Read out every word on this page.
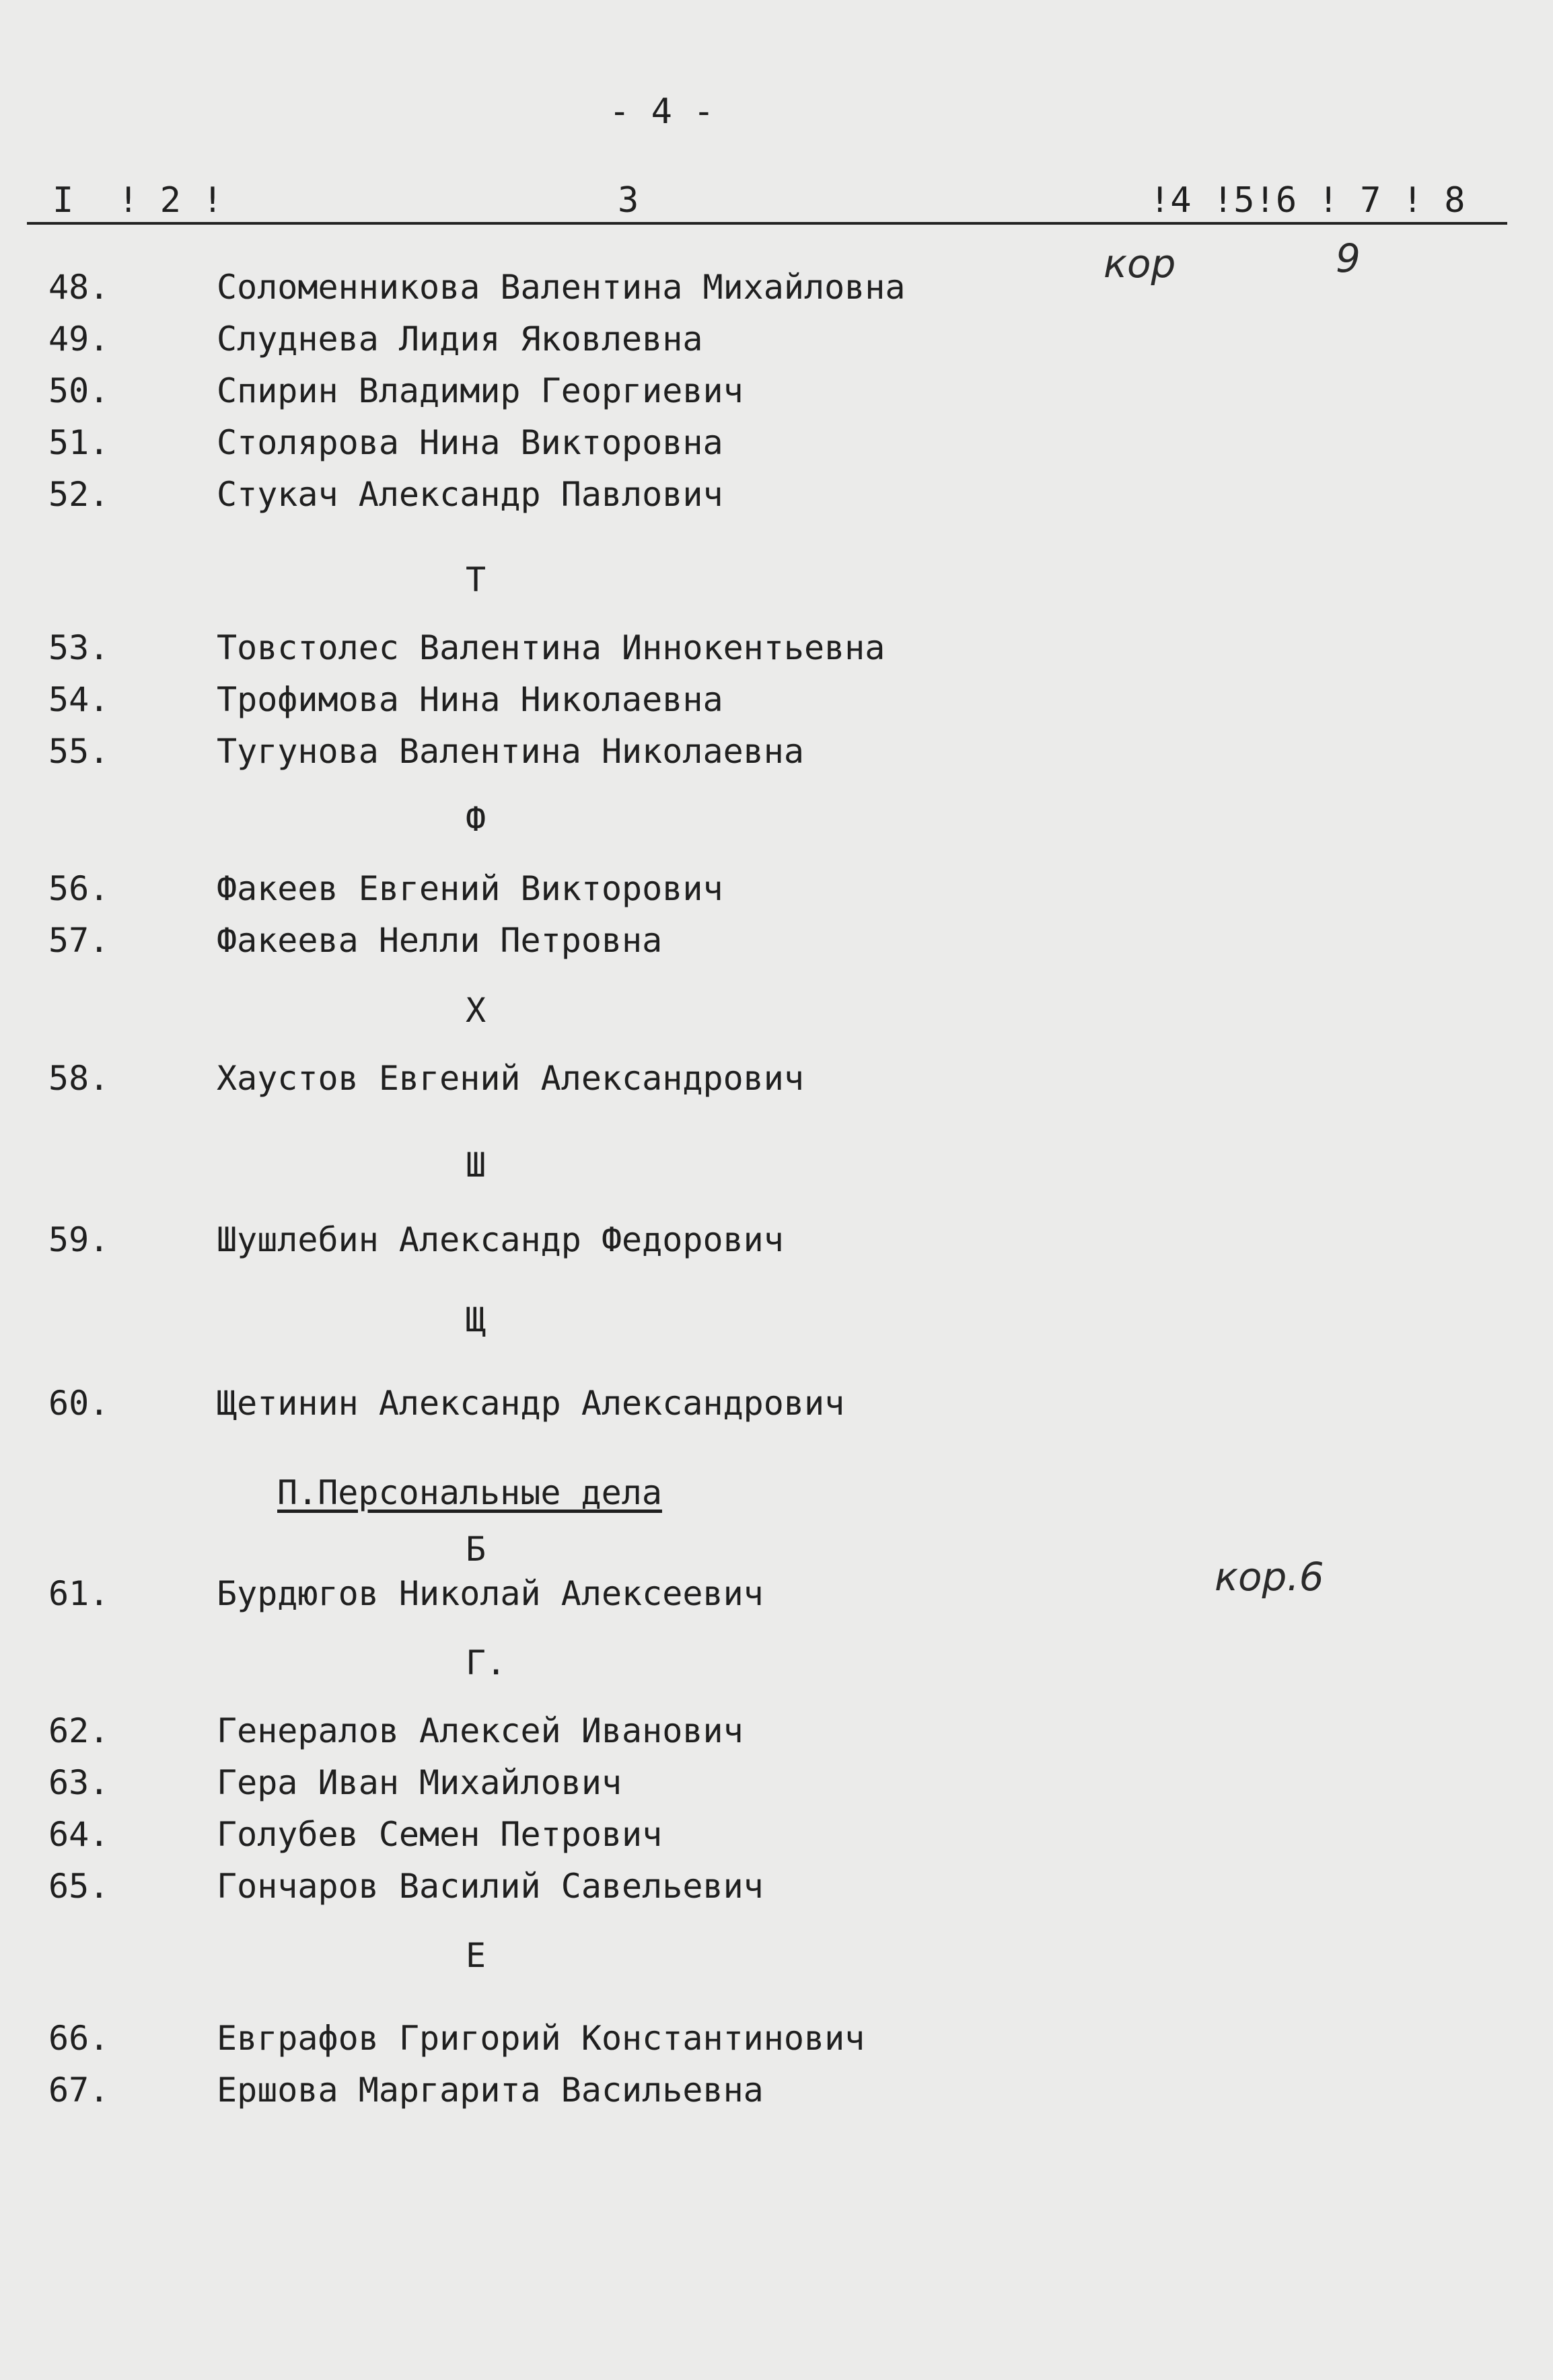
- 4 -
I ! 2 !	3	!4 !5!6 ! 7 ! 8
кор	9
48.	Соломенникова Валентина Михайловна
49.	Слуднева Лидия Яковлевна
50.	Спирин Владимир Георгиевич
51.	Столярова Нина Викторовна
52.	Стукач Александр Павлович
Т
53.	Товстолес Валентина Иннокентьевна
54.	Трофимова Нина Николаевна
55.	Тугунова Валентина Николаевна
Ф
56.	Факеев Евгений Викторович
57.	Факеева Нелли Петровна
Х
58.	Хаустов Евгений Александрович
Ш
59.	Шушлебин Александр Федорович
Щ
60.	Щетинин Александр Александрович
П.Персональные дела
Б
61.	Бурдюгов Николай Алексеевич	кор.6
Г.
62.	Генералов Алексей Иванович
63.	Гера Иван Михайлович
64.	Голубев Семен Петрович
65.	Гончаров Василий Савельевич
Е
66.	Евграфов Григорий Константинович
67.	Ершова Маргарита Васильевна
